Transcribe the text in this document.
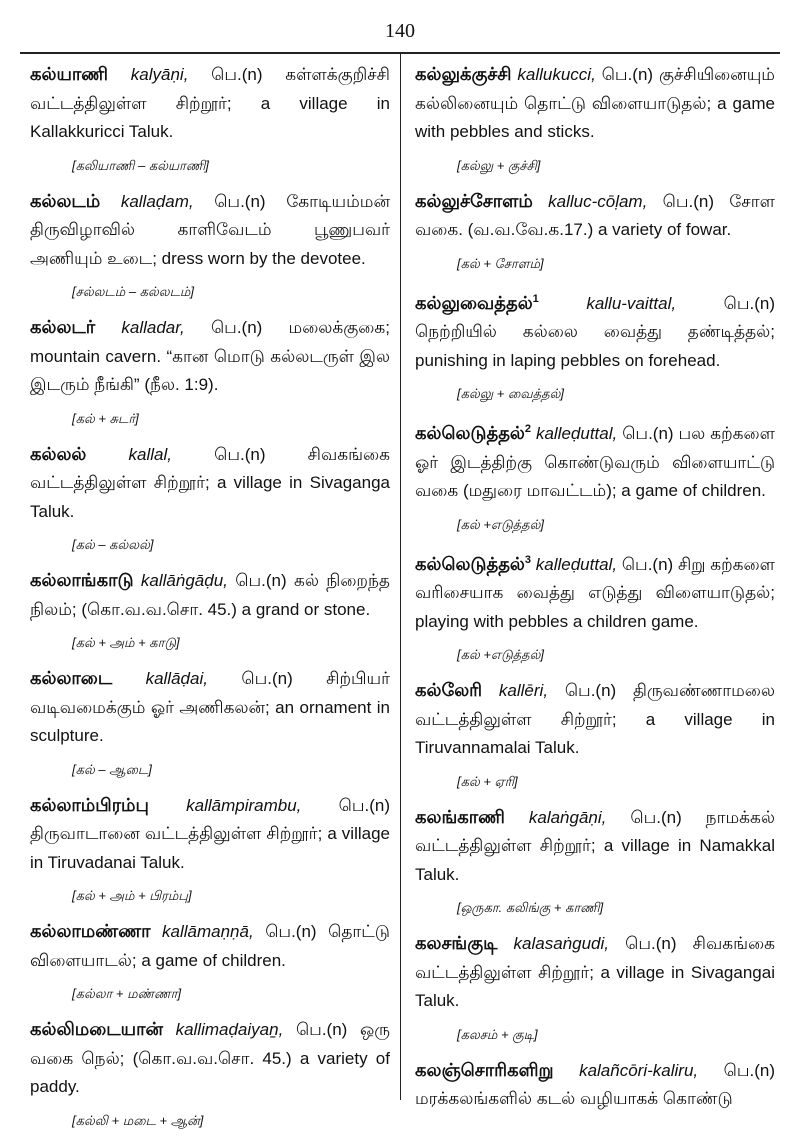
140
கல்யாணி kalyāṇi, பெ.(n) கள்ளக்குறிச்சி வட்டத்திலுள்ள சிற்றூர்; a village in Kallakkuricci Taluk.
[ கலியாணி – கல்யாணி ]
கல்லடம் kallaḍam, பெ.(n) கோடியம்மன் திருவிழாவில் காளிவேடம் பூணுபவர் அணியும் உடை; dress worn by the devotee.
[ சல்லடம் – கல்லடம் ]
கல்லடர் kalladar, பெ.(n) மலைக்குகை; mountain cavern. “கான மொடு கல்லடருள் இல இடரும் நீங்கி” (நீல. 1:9).
[ கல் + சுடர் ]
கல்லல் kallal, பெ.(n) சிவகங்கை வட்டத்திலுள்ள சிற்றூர்; a village in Sivaganga Taluk.
[ கல் – கல்லல் ]
கல்லாங்காடு kallāṅgāḍu, பெ.(n) கல் நிறைந்த நிலம்; (கொ.வ.வ.சொ. 45.) a grand or stone.
[ கல் + அம் + காடு ]
கல்லாடை kallāḍai, பெ.(n) சிற்பியர் வடிவமைக்கும் ஓர் அணிகலன்; an ornament in sculpture.
[ கல் – ஆடை ]
கல்லாம்பிரம்பு kallāmpirambu, பெ.(n) திருவாடானை வட்டத்திலுள்ள சிற்றூர்; a village in Tiruvadanai Taluk.
[ கல் + அம் + பிரம்பு ]
கல்லாமண்ணா kallāmaṇṇā, பெ.(n) தொட்டு விளையாடல்; a game of children.
[ கல்லா + மண்ணா ]
கல்லிமடையான் kallimaḍaiyaṉ, பெ.(n) ஒரு வகை நெல்; (கொ.வ.வ.சொ. 45.) a variety of paddy.
[ கல்லி + மடை + ஆன் ]
கல்லுக்குச்சி kallukucci, பெ.(n) குச்சியினையும் கல்லினையும் தொட்டு விளையாடுதல்; a game with pebbles and sticks.
[ கல்லு + குச்சி ]
கல்லுச்சோளம் kalluc-cōḷam, பெ.(n) சோள வகை. (வ.வ.வே.க.17.) a variety of fowar.
[ கல் + சோளம் ]
கல்லுவைத்தல்$^1$	kallu-vaittal,	பெ.(n) நெற்றியில் கல்லை வைத்து தண்டித்தல்; punishing in laping pebbles on forehead.
[ கல்லு + வைத்தல் ]
கல்லெடுத்தல்$^2$ kalleḍuttal, பெ.(n) பல கற்களை ஓர் இடத்திற்கு கொண்டுவரும் விளையாட்டு வகை (மதுரை மாவட்டம்); a game of children.
[ கல் +எடுத்தல் ]
கல்லெடுத்தல்$^3$ kalleḍuttal, பெ.(n) சிறு கற்களை வரிசையாக வைத்து எடுத்து விளையாடுதல்; playing with pebbles a children game.
[ கல் +எடுத்தல் ]
கல்லேரி kallēri, பெ.(n) திருவண்ணாமலை வட்டத்திலுள்ள சிற்றூர்; a village in Tiruvannamalai Taluk.
[ கல் + ஏரி ]
கலங்காணி kalaṅgāṇi, பெ.(n) நாமக்கல் வட்டத்திலுள்ள சிற்றூர்; a village in Namakkal Taluk.
[ ஒருகா. கலிங்கு + காணி ]
கலசங்குடி kalasaṅgudi, பெ.(n) சிவகங்கை வட்டத்திலுள்ள சிற்றூர்; a village in Sivagangai Taluk.
[ கலசம் + குடி ]
கலஞ்சொரிகளிறு kalañcōri-kaliru, பெ.(n) மரக்கலங்களில் கடல் வழியாகக் கொண்டு
